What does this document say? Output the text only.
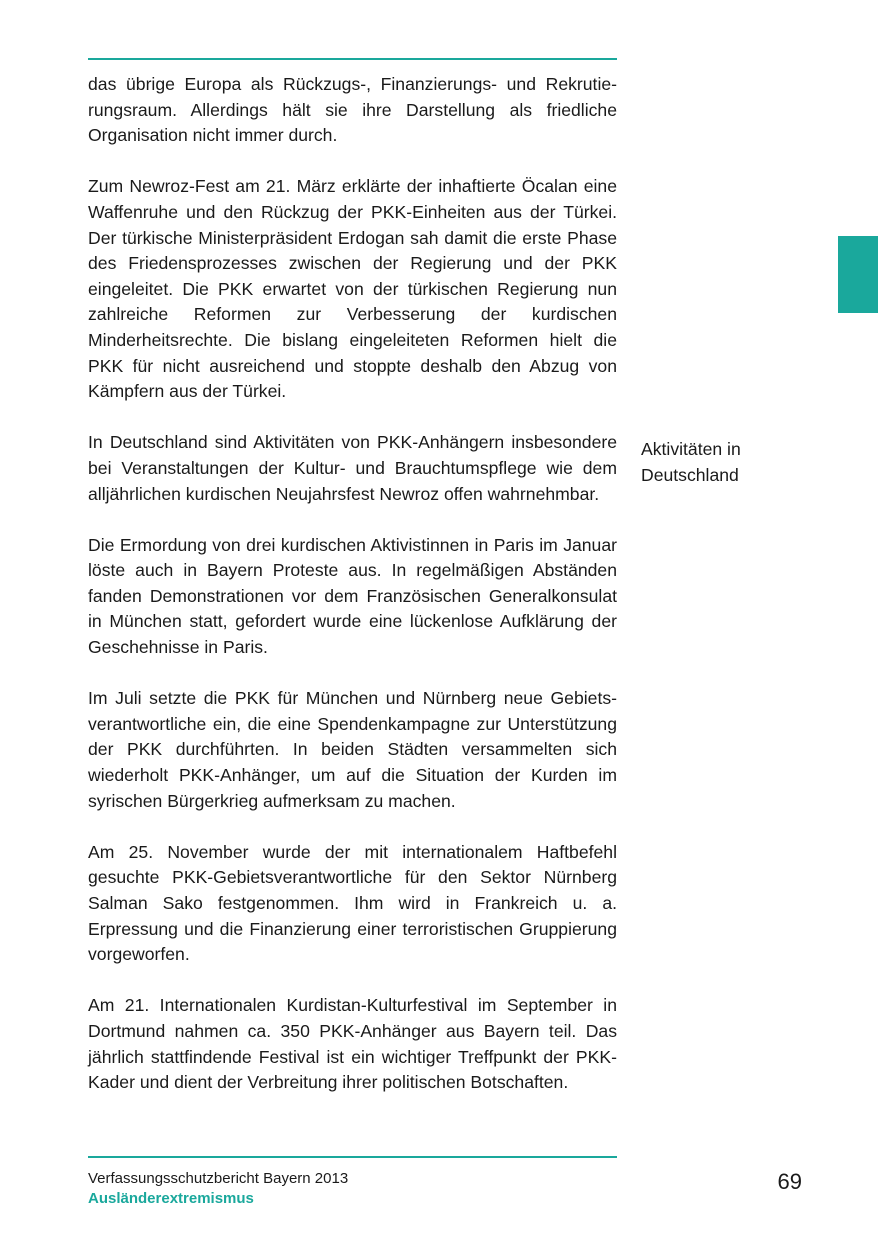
das übrige Europa als Rückzugs-, Finanzierungs- und Rekrutierungsraum. Allerdings hält sie ihre Darstellung als friedliche Organisation nicht immer durch.

Zum Newroz-Fest am 21. März erklärte der inhaftierte Öcalan eine Waffenruhe und den Rückzug der PKK-Einheiten aus der Türkei. Der türkische Ministerpräsident Erdogan sah damit die erste Phase des Friedensprozesses zwischen der Regierung und der PKK eingeleitet. Die PKK erwartet von der türkischen Regierung nun zahlreiche Reformen zur Verbesserung der kurdischen Minderheitsrechte. Die bislang eingeleiteten Reformen hielt die PKK für nicht ausreichend und stoppte deshalb den Abzug von Kämpfern aus der Türkei.

In Deutschland sind Aktivitäten von PKK-Anhängern insbesondere bei Veranstaltungen der Kultur- und Brauchtumspflege wie dem alljährlichen kurdischen Neujahrsfest Newroz offen wahrnehmbar.

Die Ermordung von drei kurdischen Aktivistinnen in Paris im Januar löste auch in Bayern Proteste aus. In regelmäßigen Abständen fanden Demonstrationen vor dem Französischen Generalkonsulat in München statt, gefordert wurde eine lückenlose Aufklärung der Geschehnisse in Paris.

Im Juli setzte die PKK für München und Nürnberg neue Gebietsverantwortliche ein, die eine Spendenkampagne zur Unterstützung der PKK durchführten. In beiden Städten versammelten sich wiederholt PKK-Anhänger, um auf die Situation der Kurden im syrischen Bürgerkrieg aufmerksam zu machen.

Am 25. November wurde der mit internationalem Haftbefehl gesuchte PKK-Gebietsverantwortliche für den Sektor Nürnberg Salman Sako festgenommen. Ihm wird in Frankreich u. a. Erpressung und die Finanzierung einer terroristischen Gruppierung vorgeworfen.

Am 21. Internationalen Kurdistan-Kulturfestival im September in Dortmund nahmen ca. 350 PKK-Anhänger aus Bayern teil. Das jährlich stattfindende Festival ist ein wichtiger Treffpunkt der PKK-Kader und dient der Verbreitung ihrer politischen Botschaften.

Aktivitäten in
Deutschland
Verfassungsschutzbericht Bayern 2013
Ausländerextremismus
69
